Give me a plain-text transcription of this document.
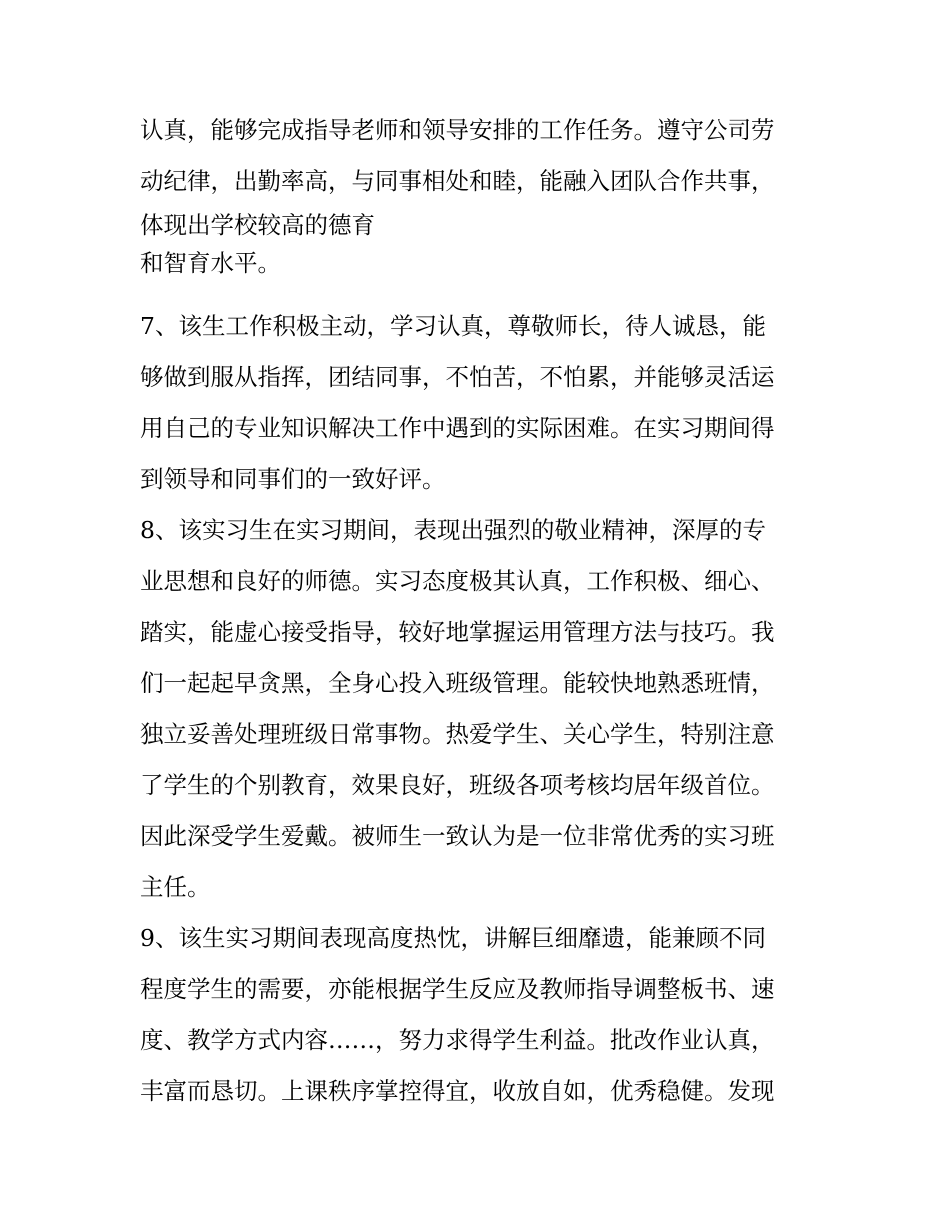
认真，能够完成指导老师和领导安排的工作任务。遵守公司劳
动纪律，出勤率高，与同事相处和睦，能融入团队合作共事，
体现出学校较高的德育
和智育水平。
7、该生工作积极主动，学习认真，尊敬师长，待人诚恳，能
够做到服从指挥，团结同事，不怕苦，不怕累，并能够灵活运
用自己的专业知识解决工作中遇到的实际困难。在实习期间得
到领导和同事们的一致好评。
8、该实习生在实习期间，表现出强烈的敬业精神，深厚的专
业思想和良好的师德。实习态度极其认真，工作积极、细心、
踏实，能虚心接受指导，较好地掌握运用管理方法与技巧。我
们一起起早贪黑，全身心投入班级管理。能较快地熟悉班情，
独立妥善处理班级日常事物。热爱学生、关心学生，特别注意
了学生的个别教育，效果良好，班级各项考核均居年级首位。
因此深受学生爱戴。被师生一致认为是一位非常优秀的实习班
主任。
9、该生实习期间表现高度热忱，讲解巨细靡遗，能兼顾不同
程度学生的需要，亦能根据学生反应及教师指导调整板书、速
度、教学方式内容……，努力求得学生利益。批改作业认真，
丰富而恳切。上课秩序掌控得宜，收放自如，优秀稳健。发现
